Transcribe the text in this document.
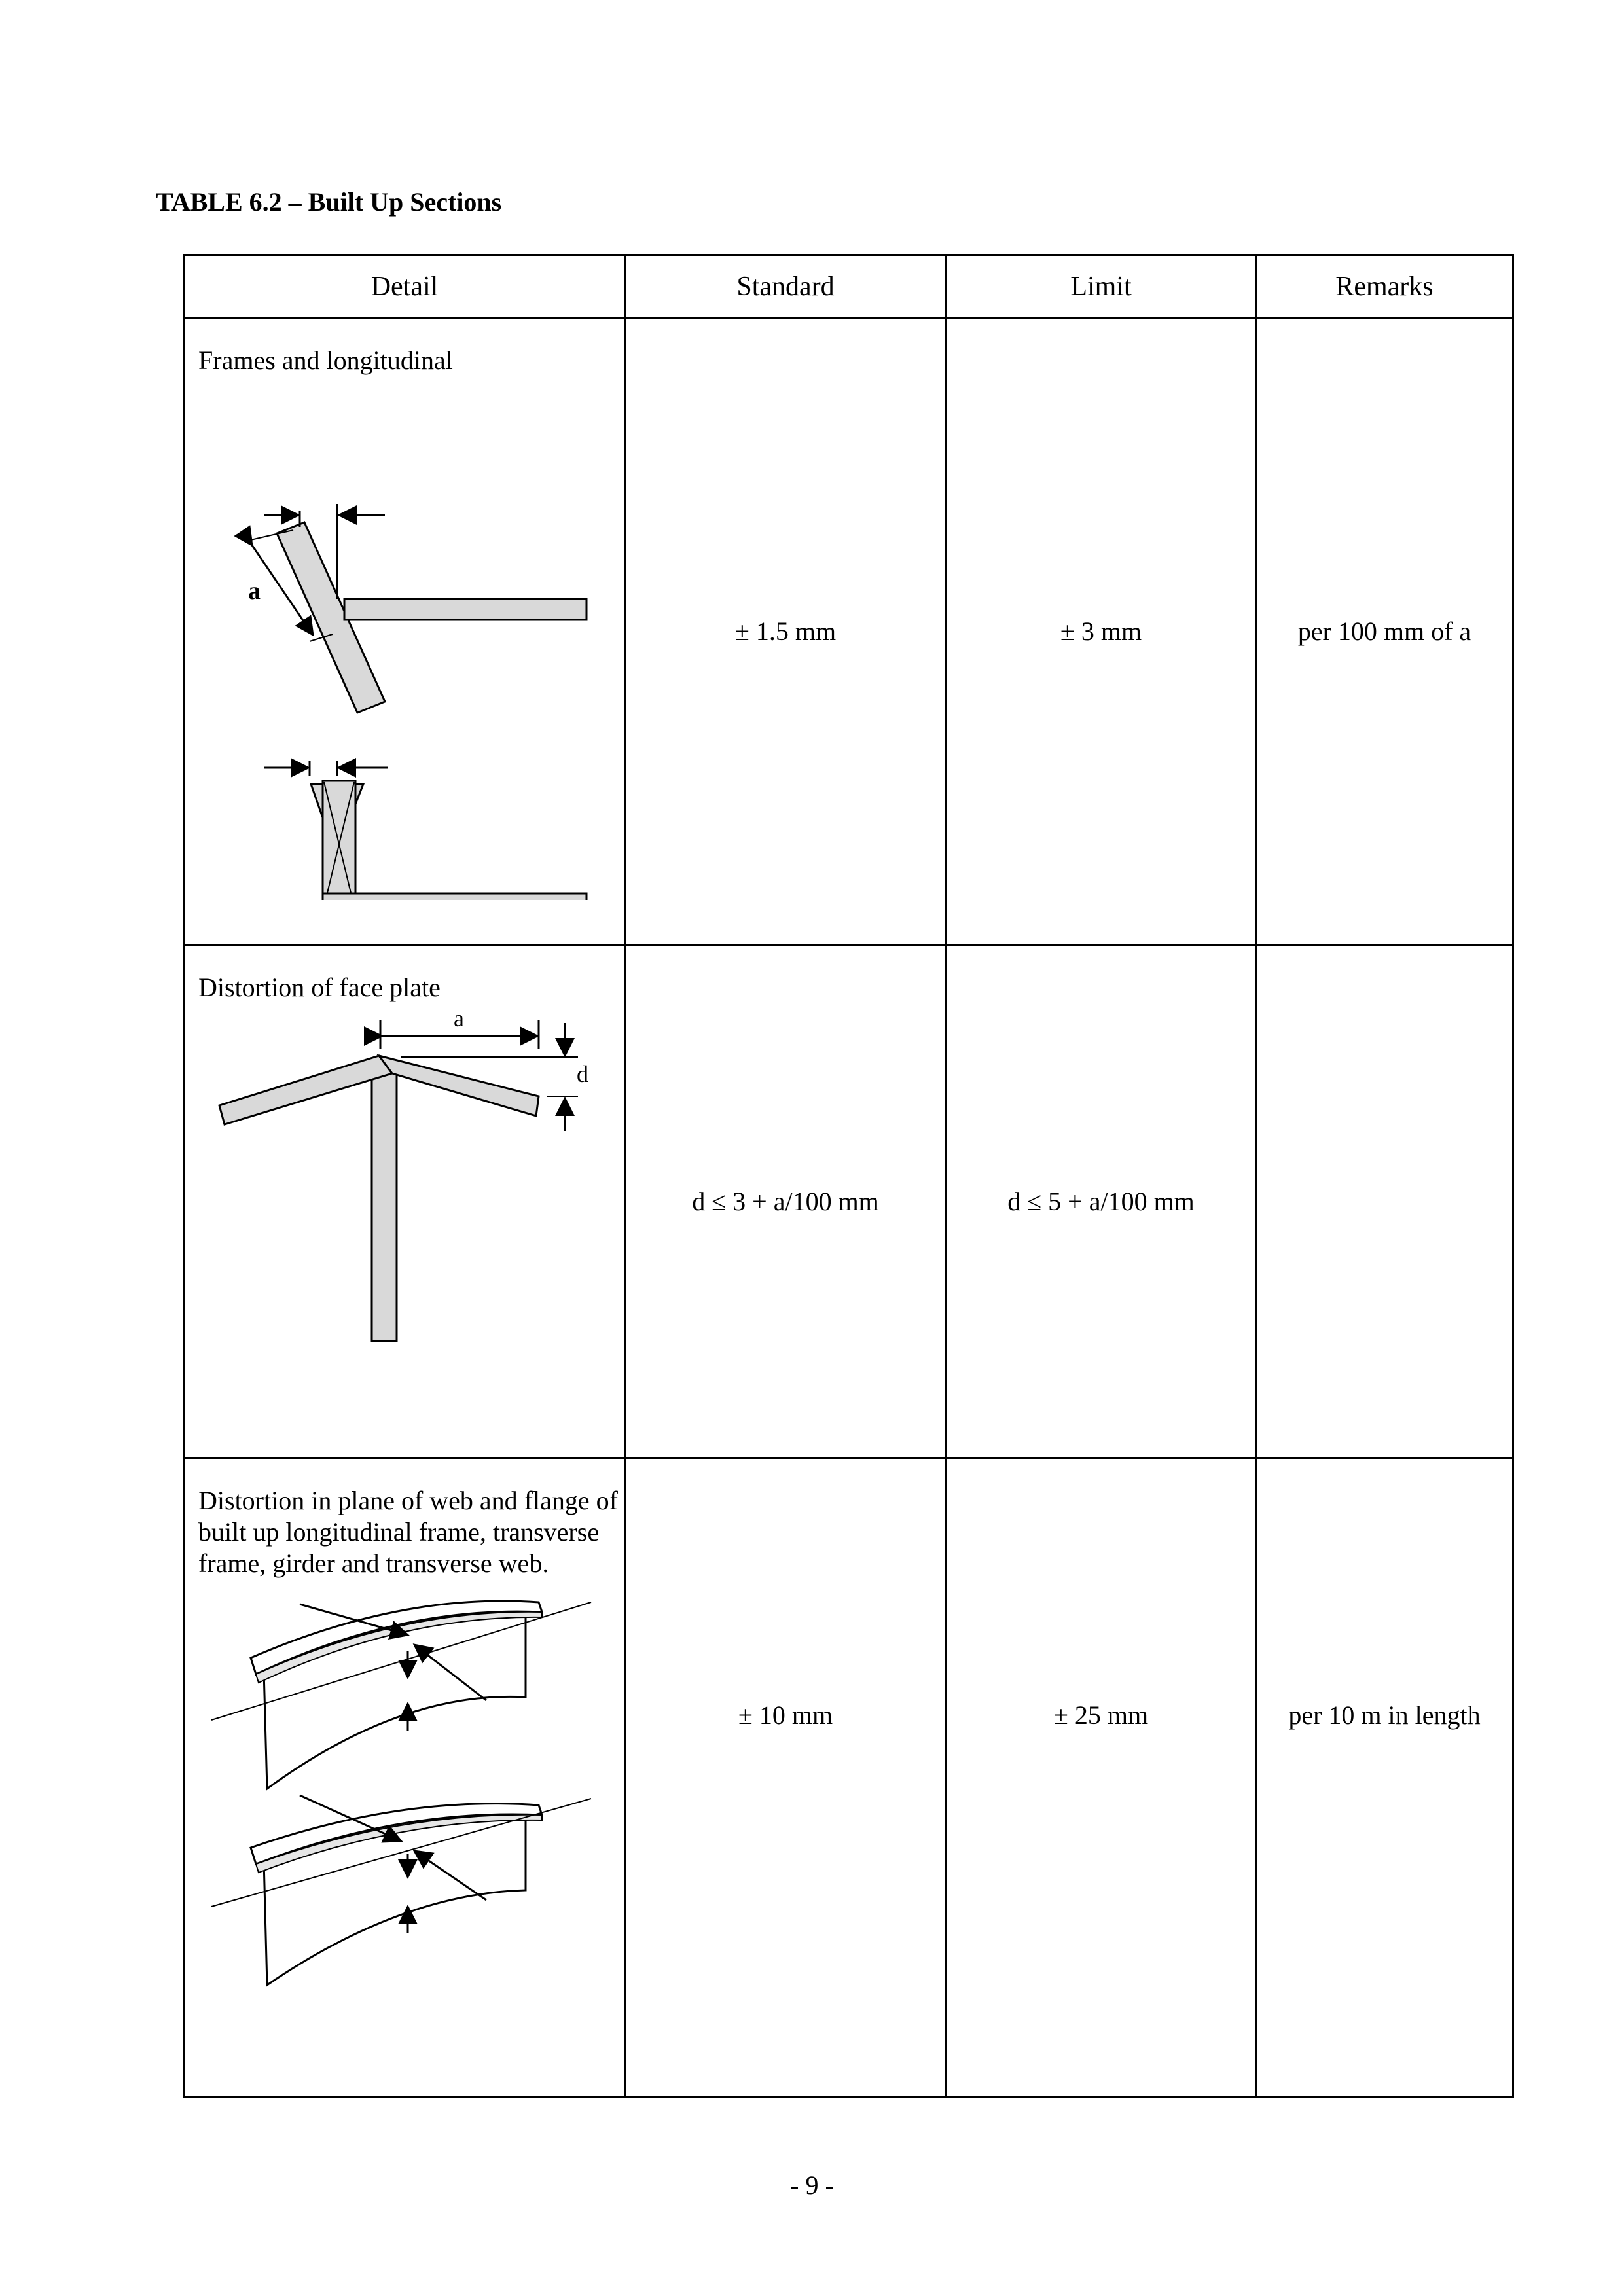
TABLE 6.2 – Built Up Sections
Detail	Standard	Limit	Remarks

Frames and longitudinal
a	± 1.5 mm	± 3 mm	per 100 mm of a

Distortion of face plate
a
d	d ≤ 3 + a/100 mm	d ≤ 5 + a/100 mm	

Distortion in plane of web and flange of built up longitudinal frame, transverse frame, girder and transverse web.	± 10 mm	± 25 mm	per 10 m in length
- 9 -
